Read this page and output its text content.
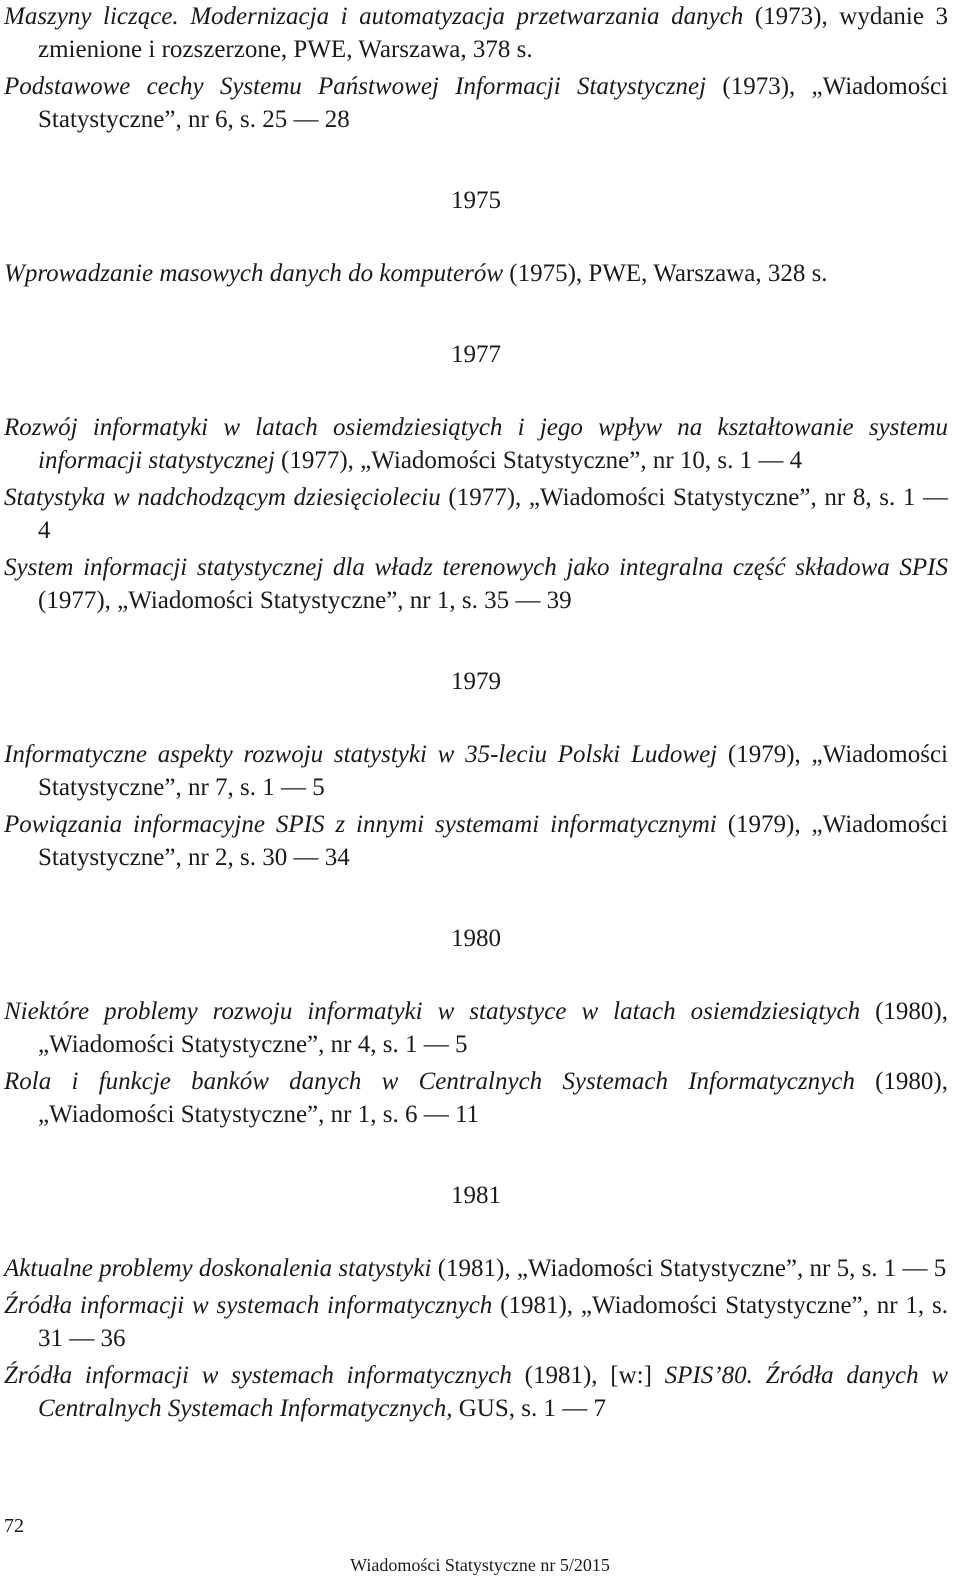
Maszyny liczące. Modernizacja i automatyzacja przetwarzania danych (1973), wydanie 3 zmienione i rozszerzone, PWE, Warszawa, 378 s.

Podstawowe cechy Systemu Państwowej Informacji Statystycznej (1973), „Wiadomości Statystyczne”, nr 6, s. 25 — 28

1975

Wprowadzanie masowych danych do komputerów (1975), PWE, Warszawa, 328 s.

1977

Rozwój informatyki w latach osiemdziesiątych i jego wpływ na kształtowanie systemu informacji statystycznej (1977), „Wiadomości Statystyczne”, nr 10, s. 1 — 4

Statystyka w nadchodzącym dziesięcioleciu (1977), „Wiadomości Statystyczne”, nr 8, s. 1 — 4

System informacji statystycznej dla władz terenowych jako integralna część składowa SPIS (1977), „Wiadomości Statystyczne”, nr 1, s. 35 — 39

1979

Informatyczne aspekty rozwoju statystyki w 35-leciu Polski Ludowej (1979), „Wiadomości Statystyczne”, nr 7, s. 1 — 5

Powiązania informacyjne SPIS z innymi systemami informatycznymi (1979), „Wiadomości Statystyczne”, nr 2, s. 30 — 34

1980

Niektóre problemy rozwoju informatyki w statystyce w latach osiemdziesiątych (1980), „Wiadomości Statystyczne”, nr 4, s. 1 — 5

Rola i funkcje banków danych w Centralnych Systemach Informatycznych (1980), „Wiadomości Statystyczne”, nr 1, s. 6 — 11

1981

Aktualne problemy doskonalenia statystyki (1981), „Wiadomości Statystyczne”, nr 5, s. 1 — 5

Źródła informacji w systemach informatycznych (1981), „Wiadomości Statystyczne”, nr 1, s. 31 — 36

Źródła informacji w systemach informatycznych (1981), [w:] SPIS’80. Źródła danych w Centralnych Systemach Informatycznych, GUS, s. 1 — 7

72
Wiadomości Statystyczne nr 5/2015
